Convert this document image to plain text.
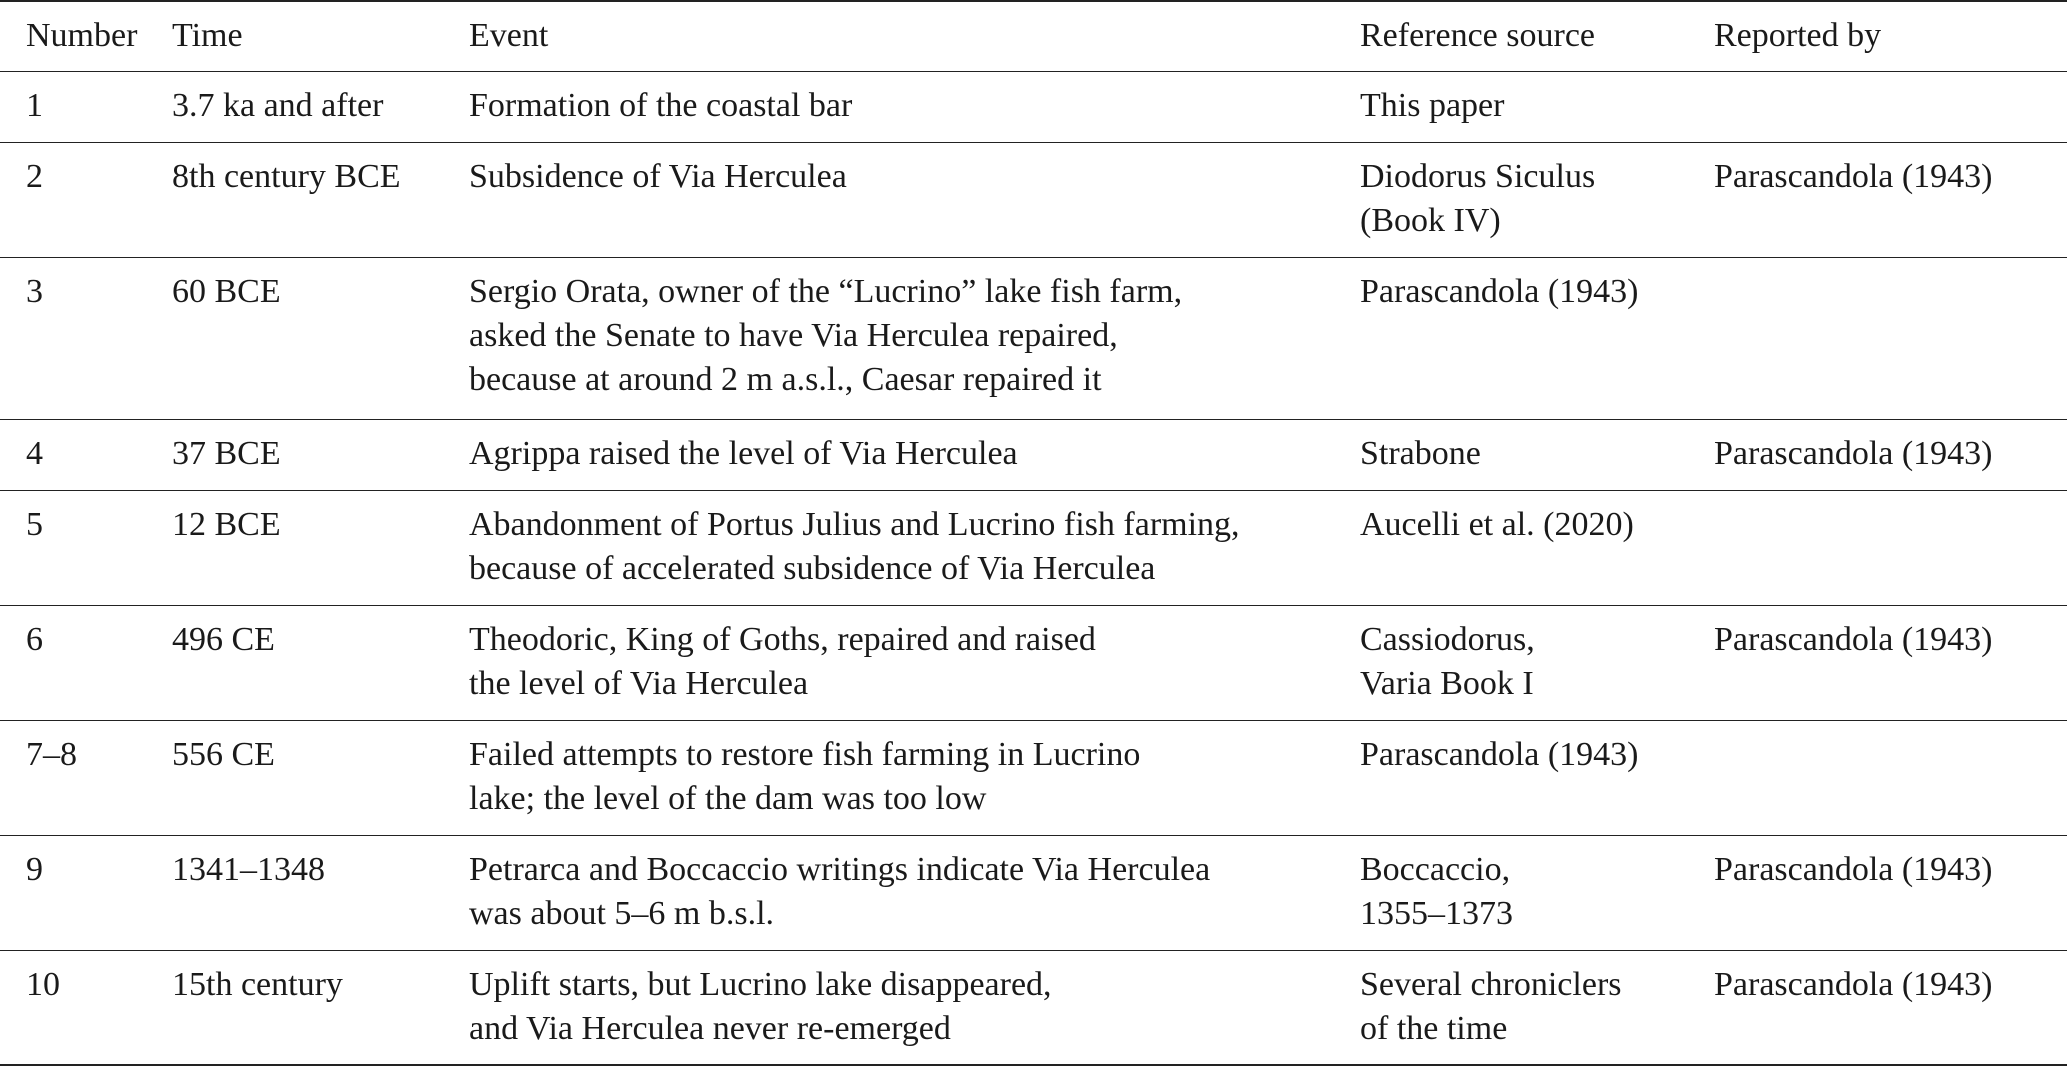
Number	Time	Event	Reference source	Reported by
1	3.7 ka and after	Formation of the coastal bar	This paper	
2	8th century BCE	Subsidence of Via Herculea	Diodorus Siculus
(Book IV)	Parascandola (1943)
3	60 BCE	Sergio Orata, owner of the “Lucrino” lake fish farm,
asked the Senate to have Via Herculea repaired,
because at around 2 m a.s.l., Caesar repaired it	Parascandola (1943)	
4	37 BCE	Agrippa raised the level of Via Herculea	Strabone	Parascandola (1943)
5	12 BCE	Abandonment of Portus Julius and Lucrino fish farming,
because of accelerated subsidence of Via Herculea	Aucelli et al. (2020)	
6	496 CE	Theodoric, King of Goths, repaired and raised
the level of Via Herculea	Cassiodorus,
Varia Book I	Parascandola (1943)
7–8	556 CE	Failed attempts to restore fish farming in Lucrino
lake; the level of the dam was too low	Parascandola (1943)	
9	1341–1348	Petrarca and Boccaccio writings indicate Via Herculea
was about 5–6 m b.s.l.	Boccaccio,
1355–1373	Parascandola (1943)
10	15th century	Uplift starts, but Lucrino lake disappeared,
and Via Herculea never re-emerged	Several chroniclers
of the time	Parascandola (1943)
